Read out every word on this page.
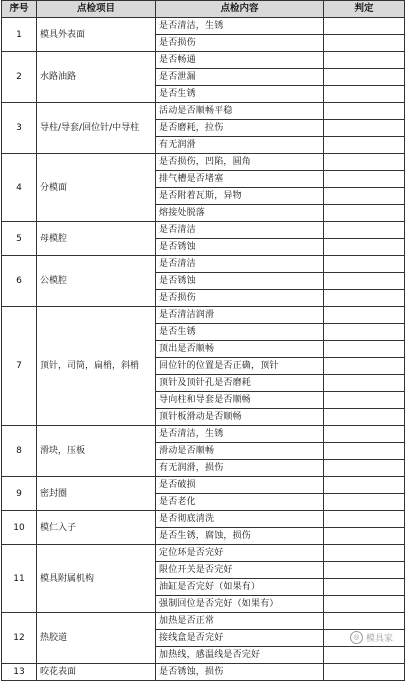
序号	点检项目	点检内容	判定
1	模具外表面	是否清洁，生锈	
		是否损伤	
2	水路油路	是否畅通	
		是否泄漏	
		是否生锈	
3	导柱/导套/回位针/中导柱	活动是否顺畅平稳	
		是否磨耗，拉伤	
		有无润滑	
4	分模面	是否损伤，凹陷，圆角	
		排气槽是否堵塞	
		是否附着瓦斯，异物	
		熔接处脱落	
5	母模腔	是否清洁	
		是否锈蚀	
6	公模腔	是否清洁	
		是否锈蚀	
		是否损伤	
7	顶针，司筒，扁梢，斜梢	是否清洁润滑	
		是否生锈	
		顶出是否顺畅	
		回位针的位置是否正确，顶针	
		顶针及顶针孔是否磨耗	
		导向柱和导套是否顺畅	
		顶针板滑动是否顺畅	
8	滑块，压板	是否清洁，生锈	
		滑动是否顺畅	
		有无润滑，损伤	
9	密封圈	是否破损	
		是否老化	
10	模仁入子	是否彻底清洗	
		是否生锈，腐蚀，损伤	
11	模具附属机构	定位环是否完好	
		限位开关是否完好	
		油缸是否完好（如果有）	
		强制回位是否完好（如果有）	
12	热胶道	加热是否正常	
		接线盒是否完好	
		加热线，感温线是否完好	
13	咬花表面	是否锈蚀，损伤	
◎ 模具家
